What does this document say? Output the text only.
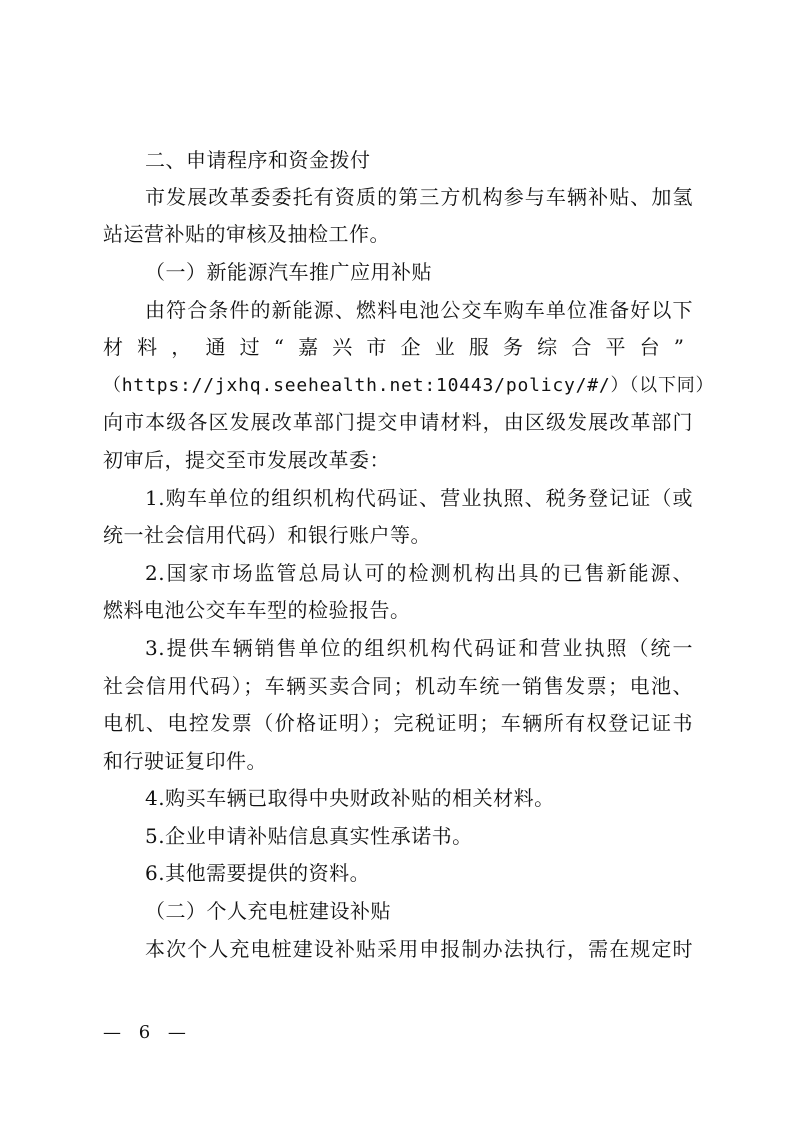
二、申请程序和资金拨付
市发展改革委委托有资质的第三方机构参与车辆补贴、加氢
站运营补贴的审核及抽检工作。
（一）新能源汽车推广应用补贴
由符合条件的新能源、燃料电池公交车购车单位准备好以下
材料，通过“嘉兴市企业服务综合平台”
（https://jxhq.seehealth.net:10443/policy/#/）（以下同）
向市本级各区发展改革部门提交申请材料，由区级发展改革部门
初审后，提交至市发展改革委：
1.购车单位的组织机构代码证、营业执照、税务登记证（或
统一社会信用代码）和银行账户等。
2.国家市场监管总局认可的检测机构出具的已售新能源、
燃料电池公交车车型的检验报告。
3.提供车辆销售单位的组织机构代码证和营业执照（统一
社会信用代码）；车辆买卖合同；机动车统一销售发票；电池、
电机、电控发票（价格证明）；完税证明；车辆所有权登记证书
和行驶证复印件。
4.购买车辆已取得中央财政补贴的相关材料。
5.企业申请补贴信息真实性承诺书。
6.其他需要提供的资料。
（二）个人充电桩建设补贴
本次个人充电桩建设补贴采用申报制办法执行，需在规定时
— 6 —
